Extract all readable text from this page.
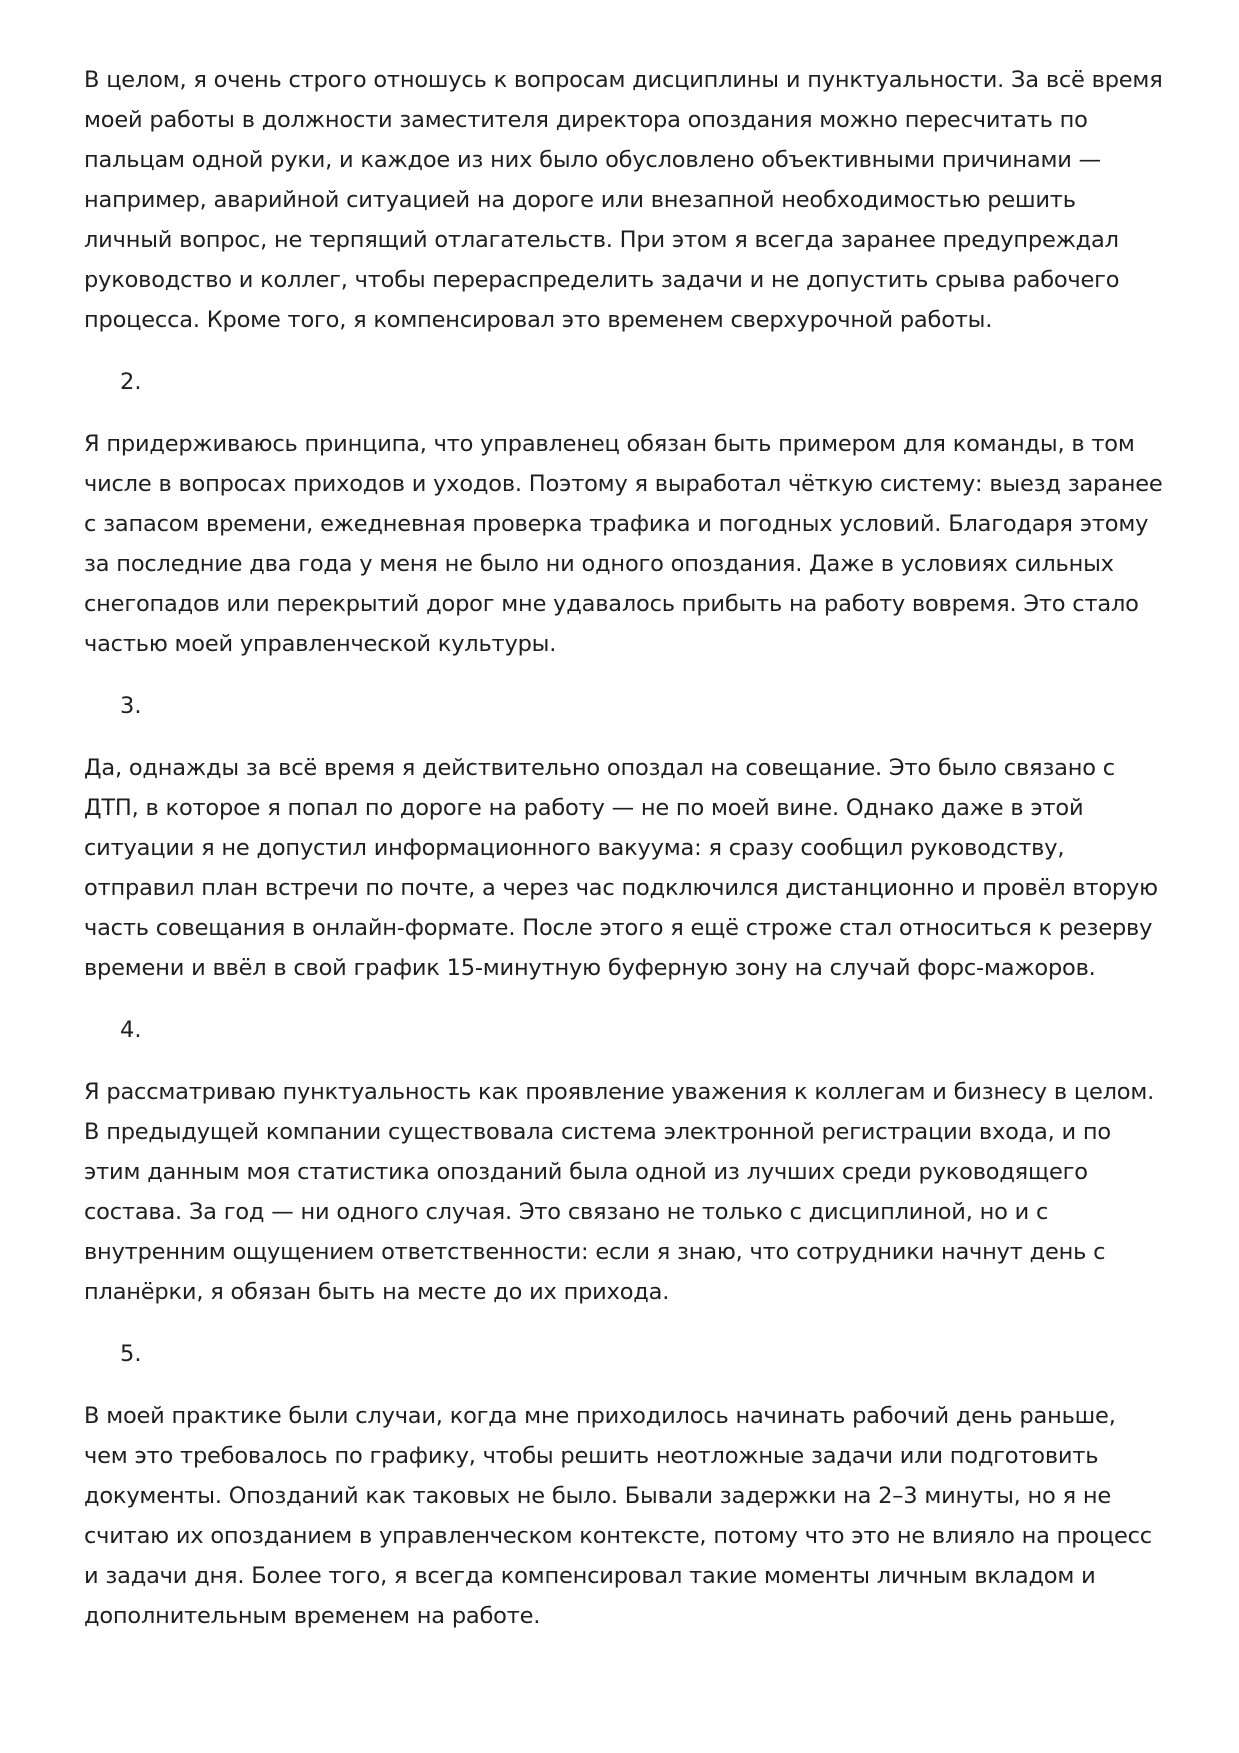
В целом, я очень строго отношусь к вопросам дисциплины и пунктуальности. За всё время моей работы в должности заместителя директора опоздания можно пересчитать по пальцам одной руки, и каждое из них было обусловлено объективными причинами — например, аварийной ситуацией на дороге или внезапной необходимостью решить личный вопрос, не терпящий отлагательств. При этом я всегда заранее предупреждал руководство и коллег, чтобы перераспределить задачи и не допустить срыва рабочего процесса. Кроме того, я компенсировал это временем сверхурочной работы.

2.

Я придерживаюсь принципа, что управленец обязан быть примером для команды, в том числе в вопросах приходов и уходов. Поэтому я выработал чёткую систему: выезд заранее с запасом времени, ежедневная проверка трафика и погодных условий. Благодаря этому за последние два года у меня не было ни одного опоздания. Даже в условиях сильных снегопадов или перекрытий дорог мне удавалось прибыть на работу вовремя. Это стало частью моей управленческой культуры.

3.

Да, однажды за всё время я действительно опоздал на совещание. Это было связано с ДТП, в которое я попал по дороге на работу — не по моей вине. Однако даже в этой ситуации я не допустил информационного вакуума: я сразу сообщил руководству, отправил план встречи по почте, а через час подключился дистанционно и провёл вторую часть совещания в онлайн-формате. После этого я ещё строже стал относиться к резерву времени и ввёл в свой график 15-минутную буферную зону на случай форс-мажоров.

4.

Я рассматриваю пунктуальность как проявление уважения к коллегам и бизнесу в целом. В предыдущей компании существовала система электронной регистрации входа, и по этим данным моя статистика опозданий была одной из лучших среди руководящего состава. За год — ни одного случая. Это связано не только с дисциплиной, но и с внутренним ощущением ответственности: если я знаю, что сотрудники начнут день с планёрки, я обязан быть на месте до их прихода.

5.

В моей практике были случаи, когда мне приходилось начинать рабочий день раньше, чем это требовалось по графику, чтобы решить неотложные задачи или подготовить документы. Опозданий как таковых не было. Бывали задержки на 2–3 минуты, но я не считаю их опозданием в управленческом контексте, потому что это не влияло на процесс и задачи дня. Более того, я всегда компенсировал такие моменты личным вкладом и дополнительным временем на работе.
